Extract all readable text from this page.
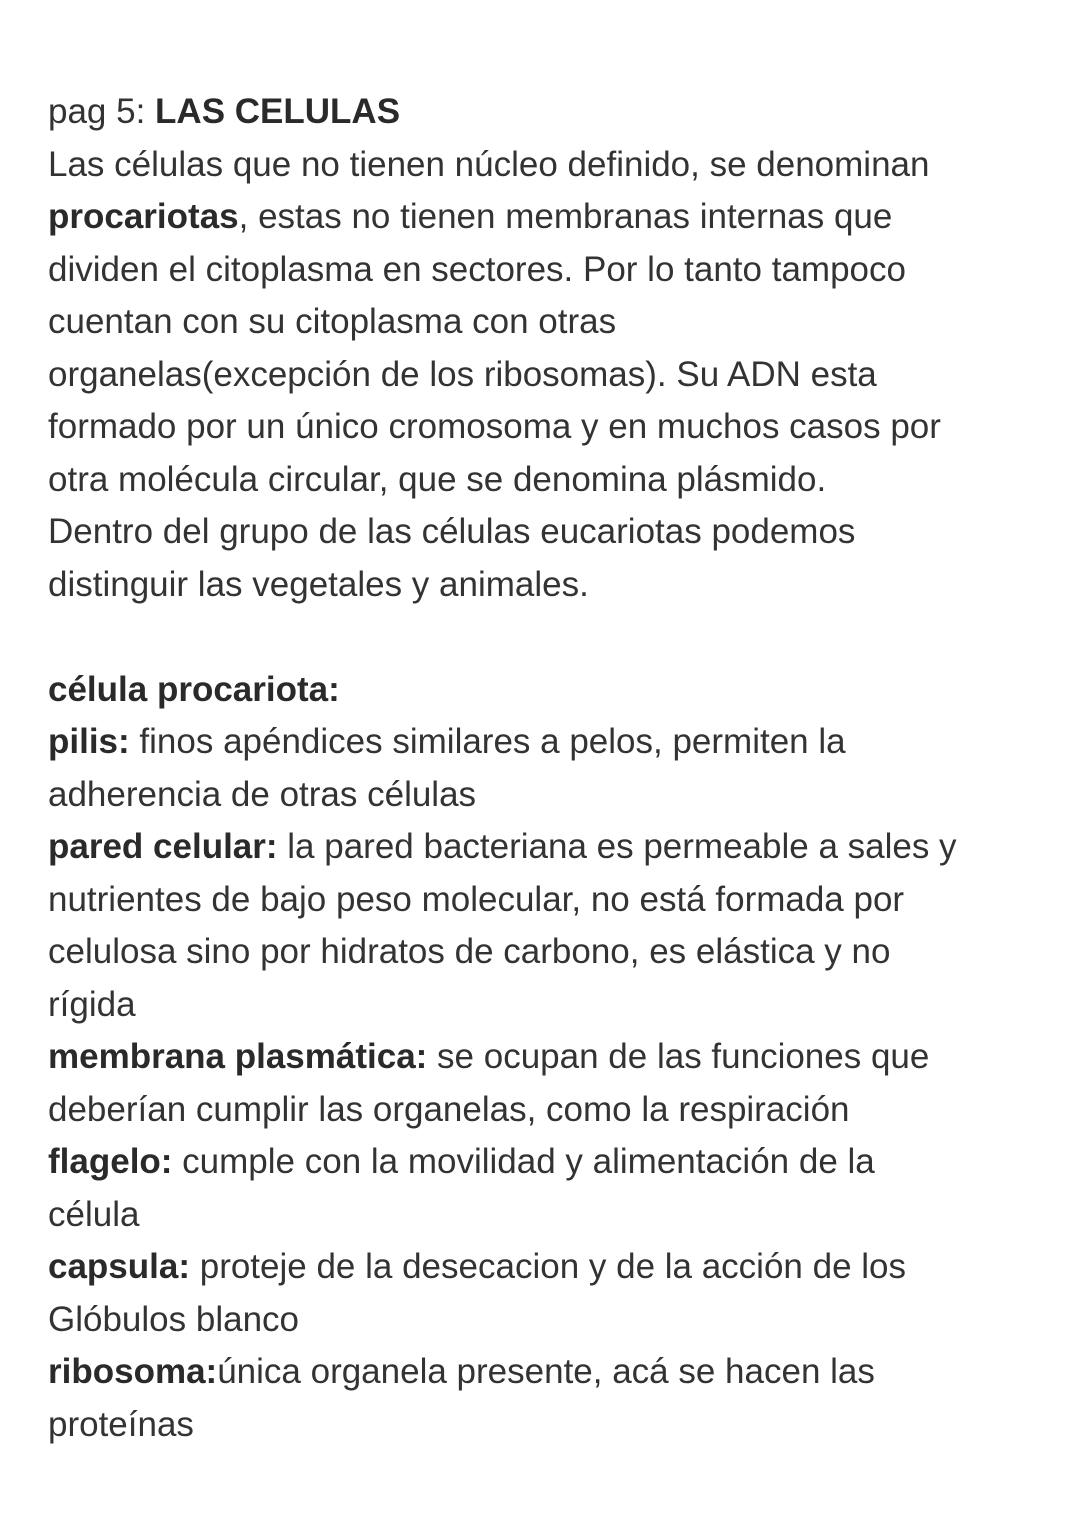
pag 5: LAS CELULAS
Las células que no tienen núcleo definido, se denominan
procariotas, estas no tienen membranas internas que
dividen el citoplasma en sectores. Por lo tanto tampoco
cuentan con su citoplasma con otras
organelas(excepción de los ribosomas). Su ADN esta
formado por un único cromosoma y en muchos casos por
otra molécula circular, que se denomina plásmido.
Dentro del grupo de las células eucariotas podemos
distinguir las vegetales y animales.
célula procariota:
pilis: finos apéndices similares a pelos, permiten la
adherencia de otras células
pared celular: la pared bacteriana es permeable a sales y
nutrientes de bajo peso molecular, no está formada por
celulosa sino por hidratos de carbono, es elástica y no
rígida
membrana plasmática: se ocupan de las funciones que
deberían cumplir las organelas, como la respiración
flagelo: cumple con la movilidad y alimentación de la
célula
capsula: proteje de la desecacion y de la acción de los
Glóbulos blanco
ribosoma:única organela presente, acá se hacen las
proteínas
